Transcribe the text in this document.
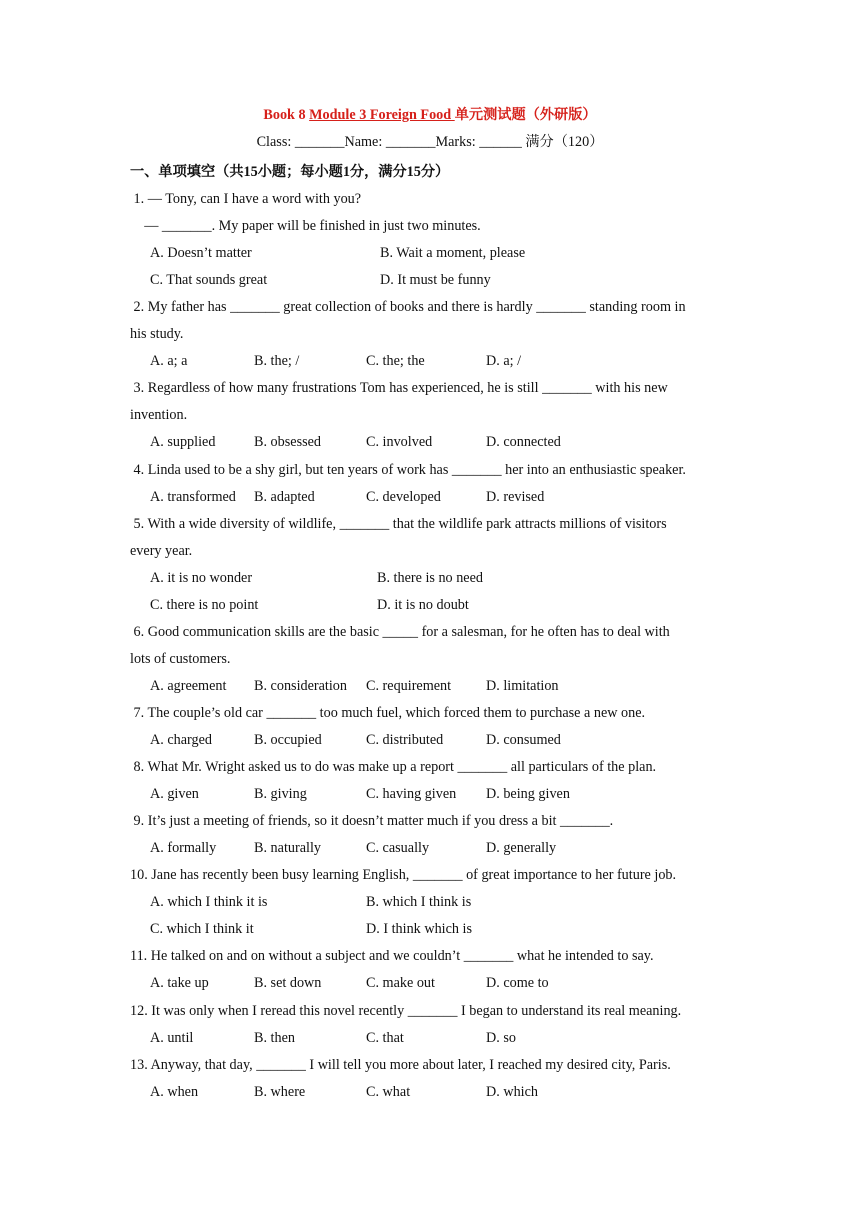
Book 8 Module 3 Foreign Food 单元测试题（外研版）
Class: _______Name: _______Marks: ______ 满分（120）
一、单项填空（共15小题；每小题1分，满分15分）
1. — Tony, can I have a word with you?
— _______. My paper will be finished in just two minutes.
A. Doesn’t matter	B. Wait a moment, please
C. That sounds great	D. It must be funny
2. My father has _______ great collection of books and there is hardly _______ standing room in
his study.
A. a; a	B. the; /	C. the; the	D. a; /
3. Regardless of how many frustrations Tom has experienced, he is still _______ with his new
invention.
A. supplied	B. obsessed	C. involved	D. connected
4. Linda used to be a shy girl, but ten years of work has _______ her into an enthusiastic speaker.
A. transformed B. adapted	C. developed	D. revised
5. With a wide diversity of wildlife, _______ that the wildlife park attracts millions of visitors
every year.
A. it is no wonder	B. there is no need
C. there is no point	D. it is no doubt
6. Good communication skills are the basic _____ for a salesman, for he often has to deal with
lots of customers.
A. agreement B. consideration C. requirement D. limitation
7. The couple’s old car _______ too much fuel, which forced them to purchase a new one.
A. charged	B. occupied	C. distributed	D. consumed
8. What Mr. Wright asked us to do was make up a report _______ all particulars of the plan.
A. given	B. giving	C. having given D. being given
9. It’s just a meeting of friends, so it doesn’t matter much if you dress a bit _______.
A. formally	B. naturally	C. casually	D. generally
10. Jane has recently been busy learning English, _______ of great importance to her future job.
A. which I think it is	B. which I think is
C. which I think it	D. I think which is
11. He talked on and on without a subject and we couldn’t _______ what he intended to say.
A. take up	B. set down	C. make out	D. come to
12. It was only when I reread this novel recently _______ I began to understand its real meaning.
A. until	B. then	C. that	D. so
13. Anyway, that day, _______ I will tell you more about later, I reached my desired city, Paris.
A. when	B. where	C. what	D. which
